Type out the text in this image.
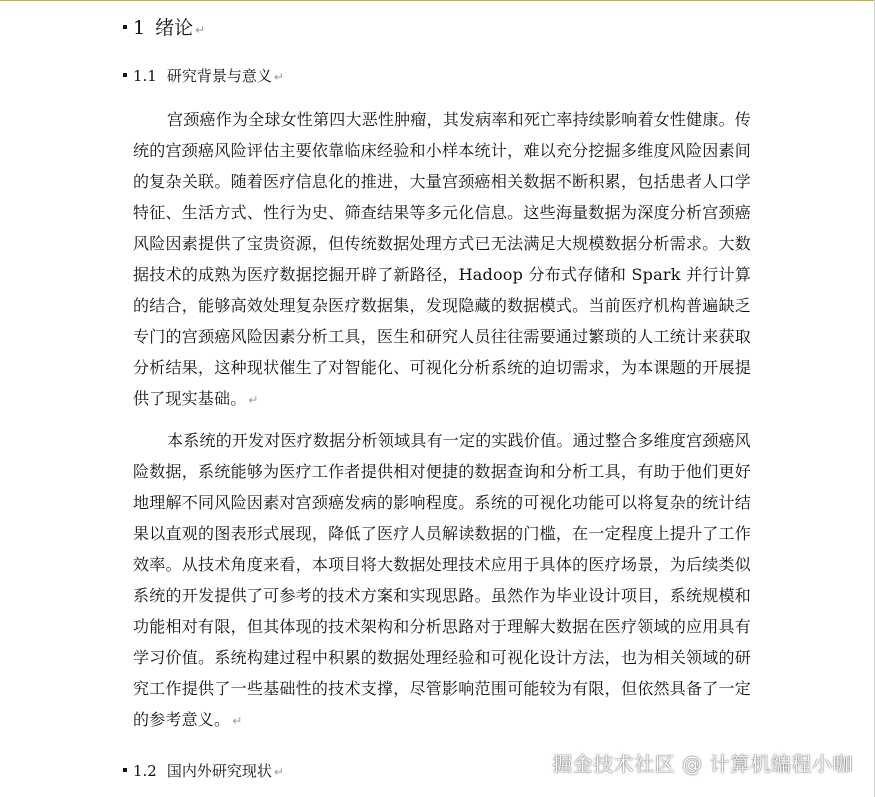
1 绪论 ↵
1.1 研究背景与意义 ↵

宫颈癌作为全球女性第四大恶性肿瘤，其发病率和死亡率持续影响着女性健康。传统的宫颈癌风险评估主要依靠临床经验和小样本统计，难以充分挖掘多维度风险因素间的复杂关联。随着医疗信息化的推进，大量宫颈癌相关数据不断积累，包括患者人口学特征、生活方式、性行为史、筛查结果等多元化信息。这些海量数据为深度分析宫颈癌风险因素提供了宝贵资源，但传统数据处理方式已无法满足大规模数据分析需求。大数据技术的成熟为医疗数据挖掘开辟了新路径，Hadoop 分布式存储和 Spark 并行计算的结合，能够高效处理复杂医疗数据集，发现隐藏的数据模式。当前医疗机构普遍缺乏专门的宫颈癌风险因素分析工具，医生和研究人员往往需要通过繁琐的人工统计来获取分析结果，这种现状催生了对智能化、可视化分析系统的迫切需求，为本课题的开展提供了现实基础。 ↵

本系统的开发对医疗数据分析领域具有一定的实践价值。通过整合多维度宫颈癌风险数据，系统能够为医疗工作者提供相对便捷的数据查询和分析工具，有助于他们更好地理解不同风险因素对宫颈癌发病的影响程度。系统的可视化功能可以将复杂的统计结果以直观的图表形式展现，降低了医疗人员解读数据的门槛，在一定程度上提升了工作效率。从技术角度来看，本项目将大数据处理技术应用于具体的医疗场景，为后续类似系统的开发提供了可参考的技术方案和实现思路。虽然作为毕业设计项目，系统规模和功能相对有限，但其体现的技术架构和分析思路对于理解大数据在医疗领域的应用具有学习价值。系统构建过程中积累的数据处理经验和可视化设计方法，也为相关领域的研究工作提供了一些基础性的技术支撑，尽管影响范围可能较为有限，但依然具备了一定的参考意义。 ↵

1.2 国内外研究现状 ↵	掘金技术社区 @ 计算机编程小咖
